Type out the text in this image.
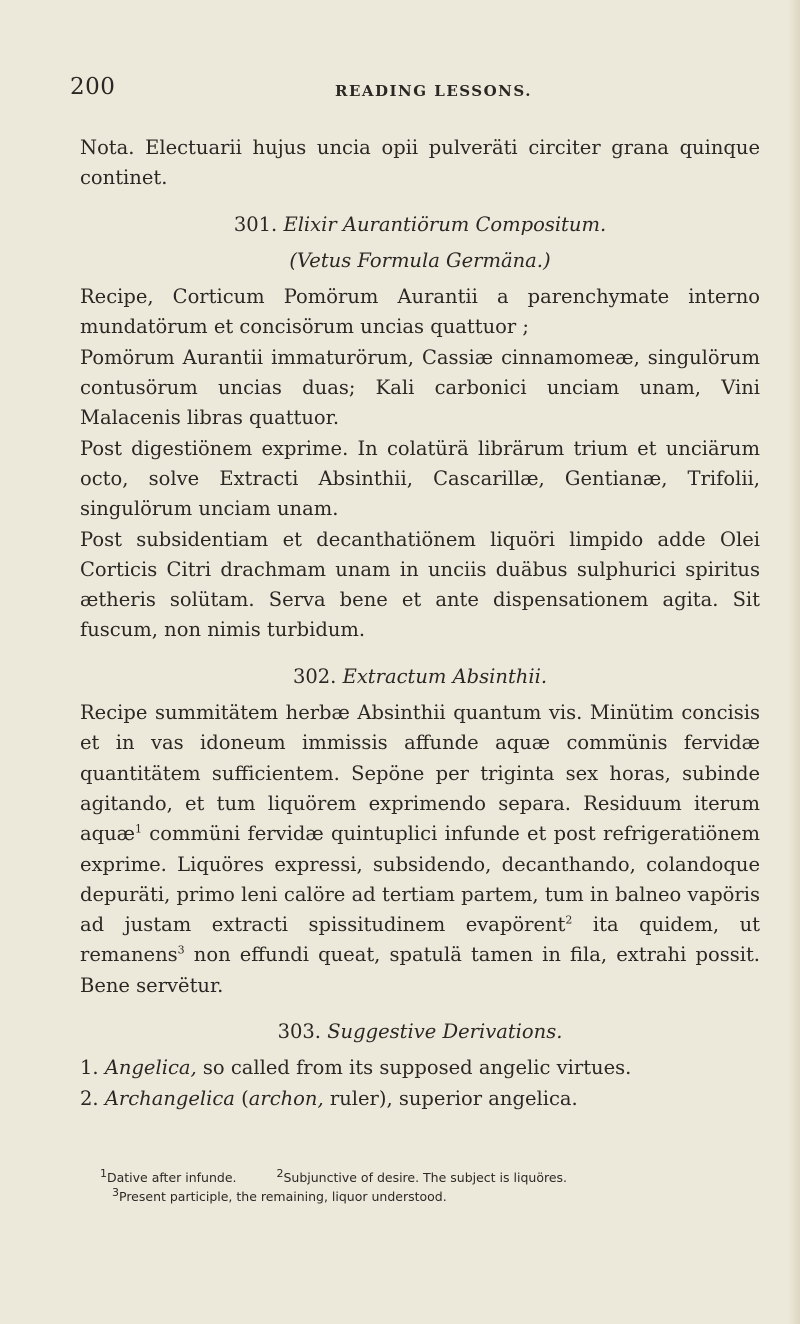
200	READING LESSONS.

Nota. Electuarii hujus uncia opii pulveräti circiter grana quinque continet.

301. Elixir Aurantiörum Compositum.
(Vetus Formula Germäna.)

Recipe, Corticum Pomörum Aurantii a parenchymate interno mundatörum et concisörum uncias quattuor ;

Pomörum Aurantii immaturörum, Cassiæ cinnamomeæ, singulörum contusörum uncias duas; Kali carbonici unciam unam, Vini Malacenis libras quattuor.

Post digestiönem exprime. In colatürä librärum trium et unciärum octo, solve Extracti Absinthii, Cascarillæ, Gentianæ, Trifolii, singulörum unciam unam.

Post subsidentiam et decanthatiönem liquöri limpido adde Olei Corticis Citri drachmam unam in unciis duäbus sulphurici spiritus ætheris solütam. Serva bene et ante dispensationem agita. Sit fuscum, non nimis turbidum.

302. Extractum Absinthii.

Recipe summitätem herbæ Absinthii quantum vis. Minütim concisis et in vas idoneum immissis affunde aquæ commünis fervidæ quantitätem sufficientem. Sepöne per triginta sex horas, subinde agitando, et tum liquörem exprimendo separa. Residuum iterum aquæ$^1$ commüni fervidæ quintuplici infunde et post refrigeratiönem exprime. Liquöres expressi, subsidendo, decanthando, colandoque depuräti, primo leni calöre ad tertiam partem, tum in balneo vapöris ad justam extracti spissitudinem evapörent$^2$ ita quidem, ut remanens$^3$ non effundi queat, spatulä tamen in fila, extrahi possit. Bene servëtur.

303. Suggestive Derivations.

1. Angelica, so called from its supposed angelic virtues.

2. Archangelica (archon, ruler), superior angelica.

$^1$Dative after infunde.	$^2$Subjunctive of desire. The subject is liquöres.
$^3$Present participle, the remaining, liquor understood.
